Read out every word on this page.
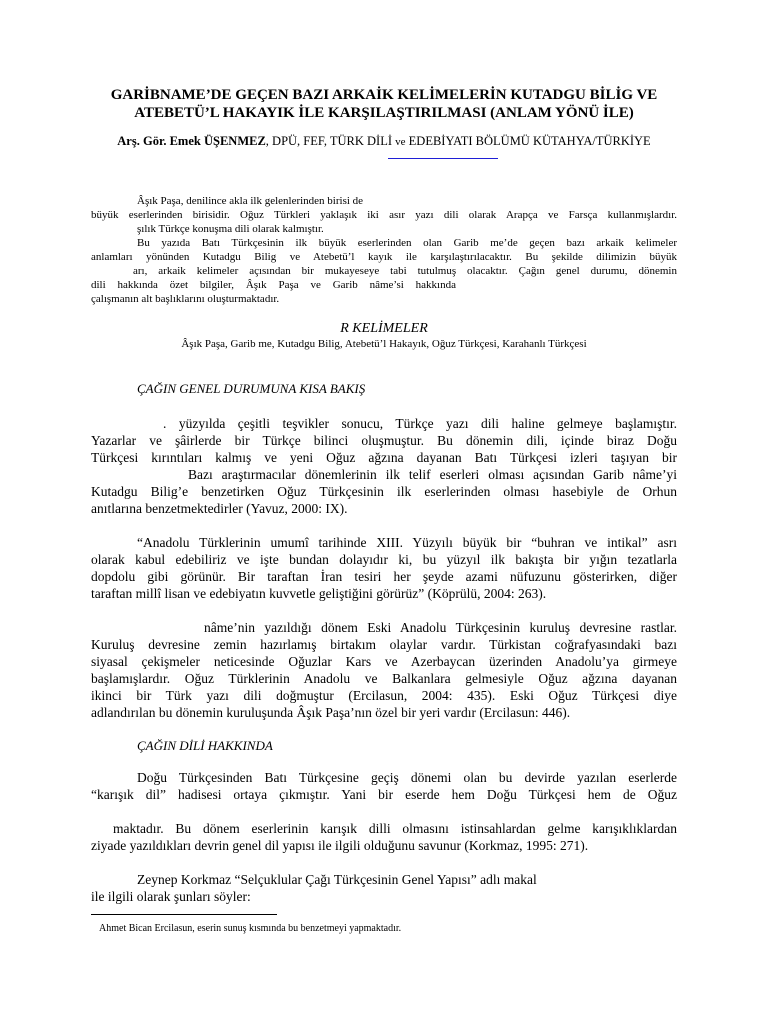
GARİBNAME’DE GEÇEN BAZI ARKAİK KELİMELERİN KUTADGU BİLİG VE
ATEBETÜ’L HAKAYIK İLE KARŞILAŞTIRILMASI (ANLAM YÖNÜ İLE)
Arş. Gör. Emek ÜŞENMEZ, DPÜ, FEF, TÜRK DİLİ ve EDEBİYATI BÖLÜMÜ KÜTAHYA/TÜRKİYE
Âşık Paşa, denilince akla ilk gelenlerinden birisi de
büyük eserlerinden birisidir. Oğuz Türkleri yaklaşık iki asır yazı dili olarak Arapça ve Farsça kullanmışlardır.
şılık Türkçe konuşma dili olarak kalmıştır.
Bu yazıda Batı Türkçesinin ilk büyük eserlerinden olan Garib me’de geçen bazı arkaik kelimeler
anlamları yönünden Kutadgu Bilig ve Atebetü’l kayık ile karşılaştırılacaktır. Bu şekilde dilimizin büyük
arı, arkaik kelimeler açısından bir mukayeseye tabi tutulmuş olacaktır. Çağın genel durumu, dönemin
dili hakkında özet bilgiler, Âşık Paşa ve Garib nâme’si hakkında
çalışmanın alt başlıklarını oluşturmaktadır.
R KELİMELER
Âşık Paşa, Garib me, Kutadgu Bilig, Atebetü’l Hakayık, Oğuz Türkçesi, Karahanlı Türkçesi
ÇAĞIN GENEL DURUMUNA KISA BAKIŞ
. yüzyılda çeşitli teşvikler sonucu, Türkçe yazı dili haline gelmeye başlamıştır.
Yazarlar ve şâirlerde bir Türkçe bilinci oluşmuştur. Bu dönemin dili, içinde biraz Doğu
Türkçesi kırıntıları kalmış ve yeni Oğuz ağzına dayanan Batı Türkçesi izleri taşıyan bir
Bazı araştırmacılar dönemlerinin ilk telif eserleri olması açısından Garib nâme’yi
Kutadgu Bilig’e benzetirken Oğuz Türkçesinin ilk eserlerinden olması hasebiyle de Orhun
anıtlarına benzetmektedirler (Yavuz, 2000: IX).
“Anadolu Türklerinin umumî tarihinde XIII. Yüzyılı büyük bir “buhran ve intikal” asrı
olarak kabul edebiliriz ve işte bundan dolayıdır ki, bu yüzyıl ilk bakışta bir yığın tezatlarla
dopdolu gibi görünür. Bir taraftan İran tesiri her şeyde azami nüfuzunu gösterirken, diğer
taraftan millî lisan ve edebiyatın kuvvetle geliştiğini görürüz” (Köprülü, 2004: 263).
nâme’nin yazıldığı dönem Eski Anadolu Türkçesinin kuruluş devresine rastlar.
Kuruluş devresine zemin hazırlamış birtakım olaylar vardır. Türkistan coğrafyasındaki bazı
siyasal çekişmeler neticesinde Oğuzlar Kars ve Azerbaycan üzerinden Anadolu’ya girmeye
başlamışlardır. Oğuz Türklerinin Anadolu ve Balkanlara gelmesiyle Oğuz ağzına dayanan
ikinci bir Türk yazı dili doğmuştur (Ercilasun, 2004: 435). Eski Oğuz Türkçesi diye
adlandırılan bu dönemin kuruluşunda Âşık Paşa’nın özel bir yeri vardır (Ercilasun: 446).
ÇAĞIN DİLİ HAKKINDA
Doğu Türkçesinden Batı Türkçesine geçiş dönemi olan bu devirde yazılan eserlerde
“karışık dil” hadisesi ortaya çıkmıştır. Yani bir eserde hem Doğu Türkçesi hem de Oğuz
maktadır. Bu dönem eserlerinin karışık dilli olmasını istinsahlardan gelme karışıklıklardan
ziyade yazıldıkları devrin genel dil yapısı ile ilgili olduğunu savunur (Korkmaz, 1995: 271).
Zeynep Korkmaz “Selçuklular Çağı Türkçesinin Genel Yapısı” adlı makal
ile ilgili olarak şunları söyler:
Ahmet Bican Ercilasun, eserin sunuş kısmında bu benzetmeyi yapmaktadır.
